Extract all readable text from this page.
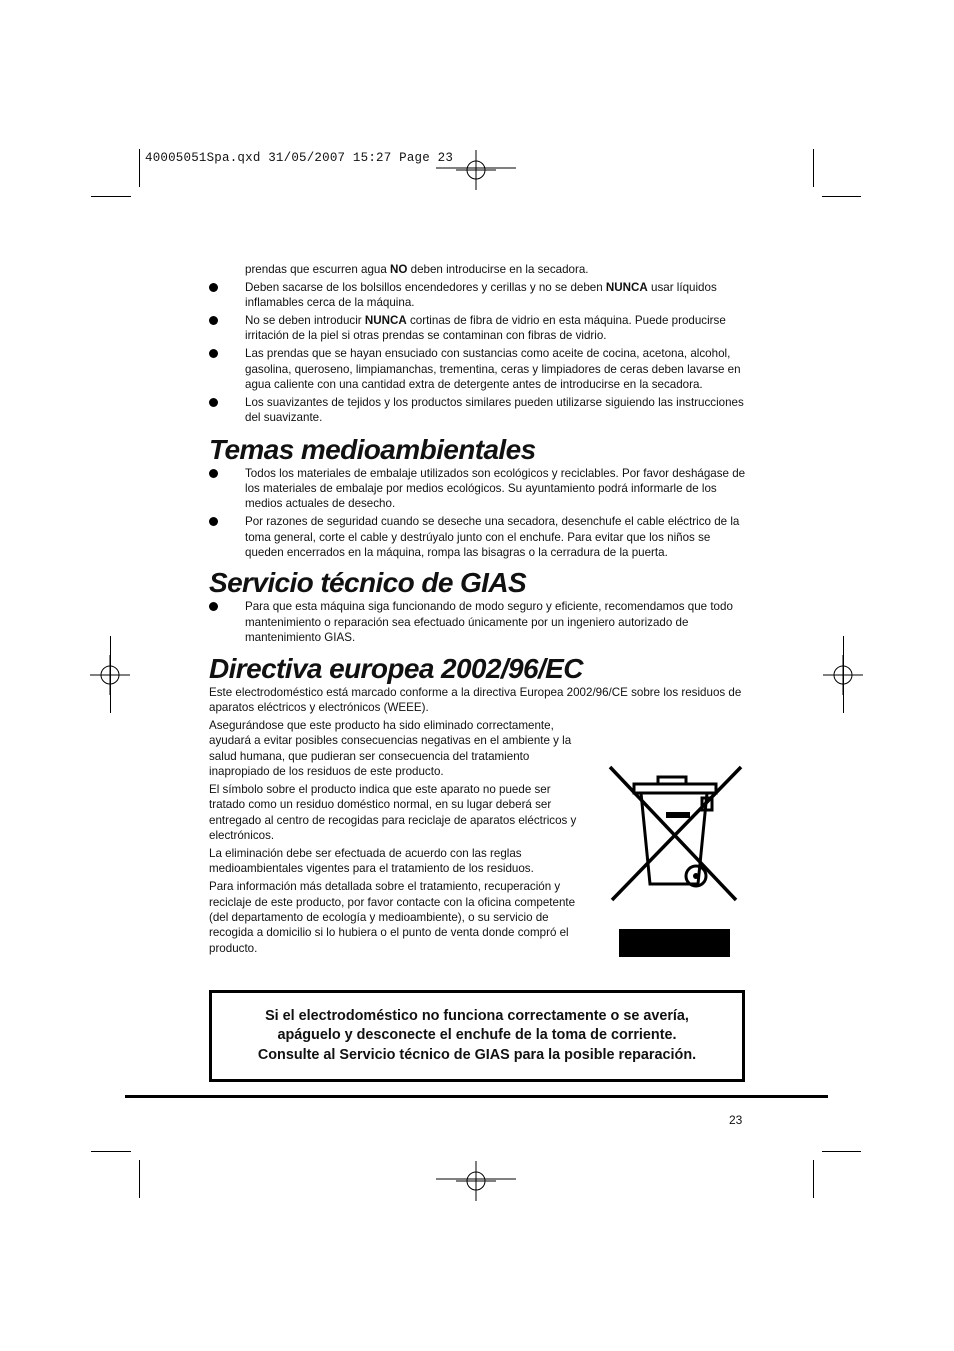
40005051Spa.qxd 31/05/2007 15:27 Page 23
prendas que escurren agua NO deben introducirse en la secadora.
Deben sacarse de los bolsillos encendedores y cerillas y no se deben NUNCA usar líquidos inflamables cerca de la máquina.
No se deben introducir NUNCA cortinas de fibra de vidrio en esta máquina. Puede producirse irritación de la piel si otras prendas se contaminan con fibras de vidrio.
Las prendas que se hayan ensuciado con sustancias como aceite de cocina, acetona, alcohol, gasolina, queroseno, limpiamanchas, trementina, ceras y limpiadores de ceras deben lavarse en agua caliente con una cantidad extra de detergente antes de introducirse en la secadora.
Los suavizantes de tejidos y los productos similares pueden utilizarse siguiendo las instrucciones del suavizante.
Temas medioambientales
Todos los materiales de embalaje utilizados son ecológicos y reciclables. Por favor deshágase de los materiales de embalaje por medios ecológicos. Su ayuntamiento podrá informarle de los medios actuales de desecho.
Por razones de seguridad cuando se deseche una secadora, desenchufe el cable eléctrico de la toma general, corte el cable y destrúyalo junto con el enchufe. Para evitar que los niños se queden encerrados en la máquina, rompa las bisagras o la cerradura de la puerta.
Servicio técnico de GIAS
Para que esta máquina siga funcionando de modo seguro y eficiente, recomendamos que todo mantenimiento o reparación sea efectuado únicamente por un ingeniero autorizado de mantenimiento GIAS.
Directiva europea 2002/96/EC

Este electrodoméstico está marcado conforme a la directiva Europea 2002/96/CE sobre los residuos de aparatos eléctricos y electrónicos (WEEE).

Asegurándose que este producto ha sido eliminado correctamente, ayudará a evitar posibles consecuencias negativas en el ambiente y la salud humana, que pudieran ser consecuencia del tratamiento inapropiado de los residuos de este producto.

El símbolo sobre el producto indica que este aparato no puede ser tratado como un residuo doméstico normal, en su lugar deberá ser entregado al centro de recogidas para reciclaje de aparatos eléctricos y electrónicos.

La eliminación debe ser efectuada de acuerdo con las reglas medioambientales vigentes para el tratamiento de los residuos.

Para información más detallada sobre el tratamiento, recuperación y reciclaje de este producto, por favor contacte con la oficina competente (del departamento de ecología y medioambiente), o su servicio de recogida a domicilio si lo hubiera o el punto de venta donde compró el producto.

Si el electrodoméstico no funciona correctamente o se avería,
apáguelo y desconecte el enchufe de la toma de corriente.
Consulte al Servicio técnico de GIAS para la posible reparación.
23
